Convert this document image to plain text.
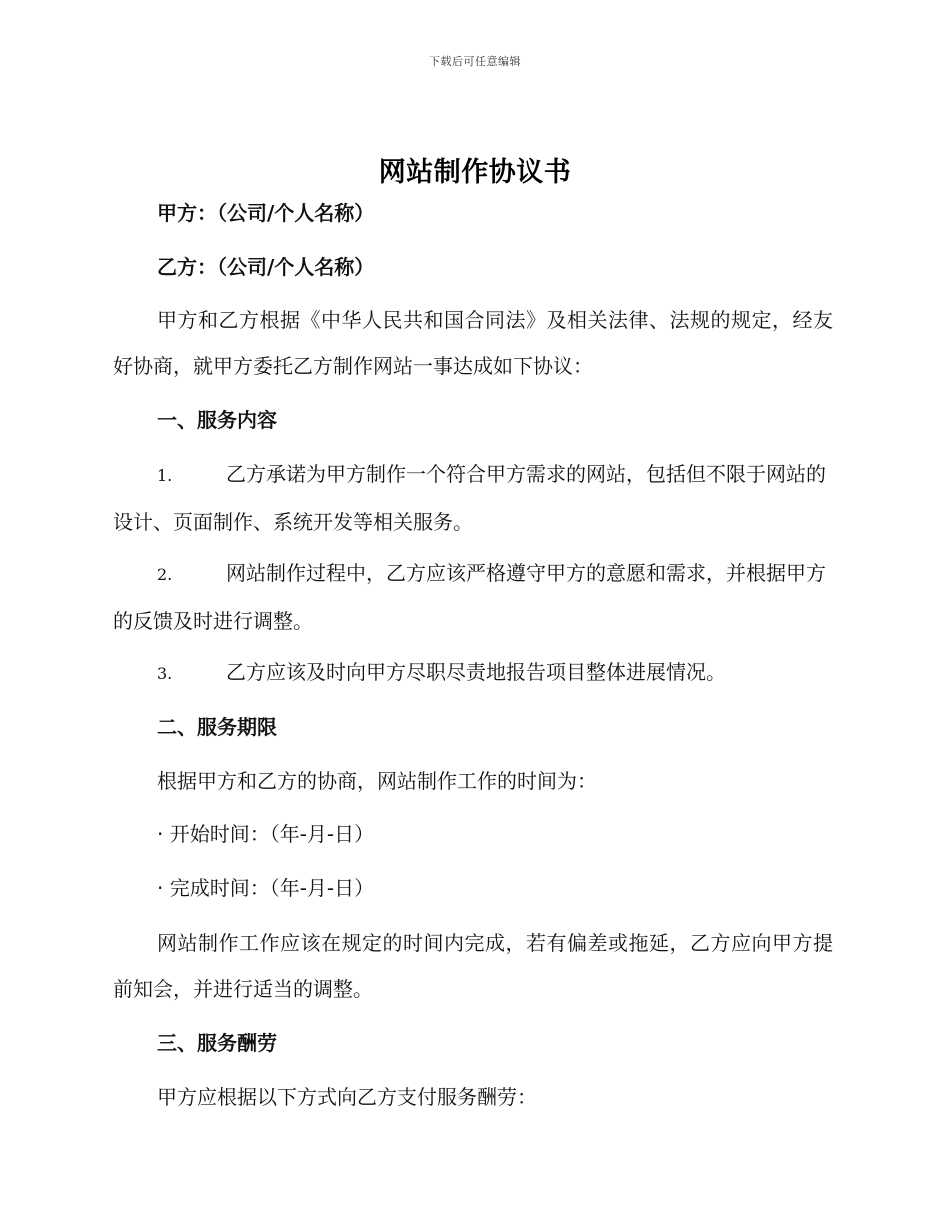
下载后可任意编辑
网站制作协议书
甲方：（公司/个人名称）
乙方：（公司/个人名称）
甲方和乙方根据《中华人民共和国合同法》及相关法律、法规的规定，经友好协商，就甲方委托乙方制作网站一事达成如下协议：
一、服务内容
1.	乙方承诺为甲方制作一个符合甲方需求的网站，包括但不限于网站的设计、页面制作、系统开发等相关服务。
2.	网站制作过程中，乙方应该严格遵守甲方的意愿和需求，并根据甲方的反馈及时进行调整。
3.	乙方应该及时向甲方尽职尽责地报告项目整体进展情况。
二、服务期限
根据甲方和乙方的协商，网站制作工作的时间为：
· 开始时间：（年-月-日）
· 完成时间：（年-月-日）
网站制作工作应该在规定的时间内完成，若有偏差或拖延，乙方应向甲方提前知会，并进行适当的调整。
三、服务酬劳
甲方应根据以下方式向乙方支付服务酬劳：
